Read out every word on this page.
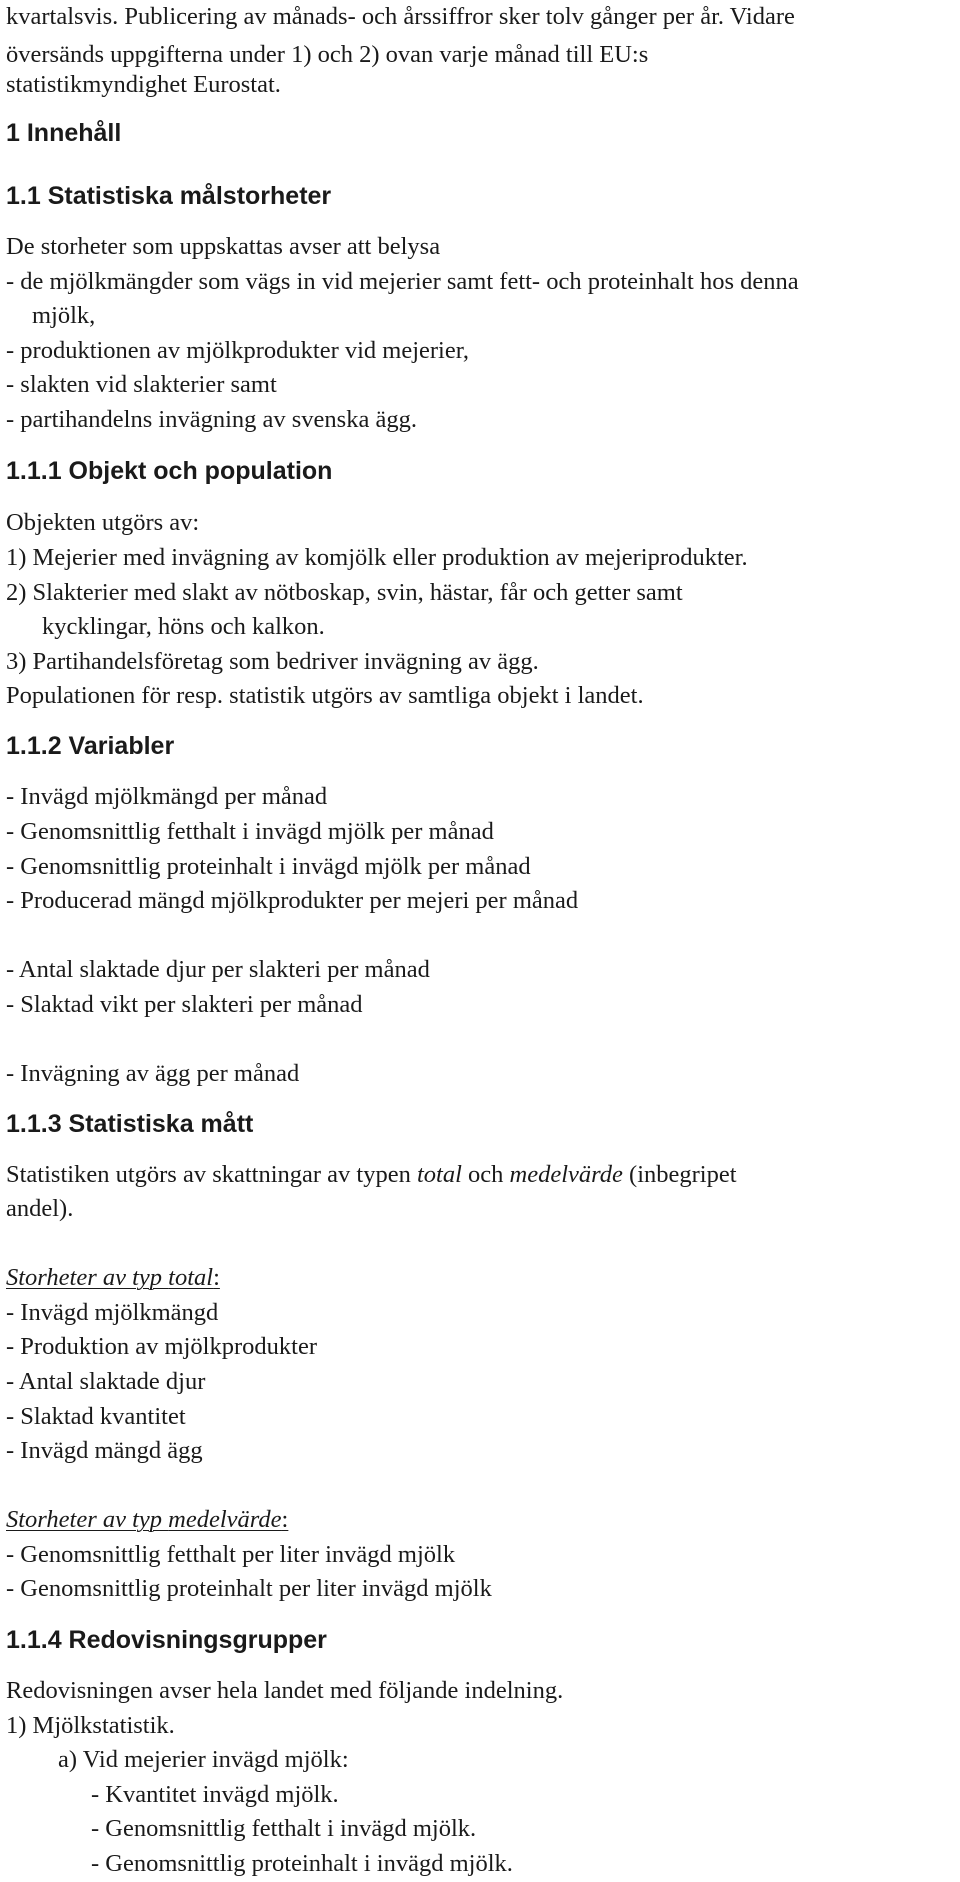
kvartalsvis. Publicering av månads- och årssiffror sker tolv gånger per år. Vidare
översänds uppgifterna under 1) och 2) ovan varje månad till EU:s
statistikmyndighet Eurostat.
1 Innehåll
1.1 Statistiska målstorheter
De storheter som uppskattas avser att belysa
- de mjölkmängder som vägs in vid mejerier samt fett- och proteinhalt hos denna
mjölk,
- produktionen av mjölkprodukter vid mejerier,
- slakten vid slakterier samt
- partihandelns invägning av svenska ägg.
1.1.1 Objekt och population
Objekten utgörs av:
1) Mejerier med invägning av komjölk eller produktion av mejeriprodukter.
2) Slakterier med slakt av nötboskap, svin, hästar, får och getter samt
kycklingar, höns och kalkon.
3) Partihandelsföretag som bedriver invägning av ägg.
Populationen för resp. statistik utgörs av samtliga objekt i landet.
1.1.2 Variabler
- Invägd mjölkmängd per månad
- Genomsnittlig fetthalt i invägd mjölk per månad
- Genomsnittlig proteinhalt i invägd mjölk per månad
- Producerad mängd mjölkprodukter per mejeri per månad
- Antal slaktade djur per slakteri per månad
- Slaktad vikt per slakteri per månad
- Invägning av ägg per månad
1.1.3 Statistiska mått
Statistiken utgörs av skattningar av typen total och medelvärde (inbegripet
andel).
Storheter av typ total:
- Invägd mjölkmängd
- Produktion av mjölkprodukter
- Antal slaktade djur
- Slaktad kvantitet
- Invägd mängd ägg
Storheter av typ medelvärde:
- Genomsnittlig fetthalt per liter invägd mjölk
- Genomsnittlig proteinhalt per liter invägd mjölk
1.1.4 Redovisningsgrupper
Redovisningen avser hela landet med följande indelning.
1) Mjölkstatistik.
a) Vid mejerier invägd mjölk:
- Kvantitet invägd mjölk.
- Genomsnittlig fetthalt i invägd mjölk.
- Genomsnittlig proteinhalt i invägd mjölk.
